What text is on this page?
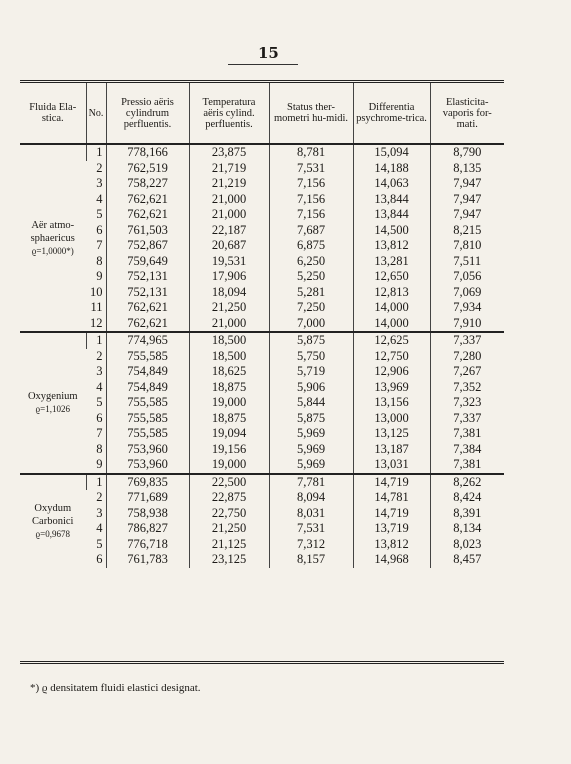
15
Fluida Ela-stica.	No.	Pressio aëris cylindrum perfluentis.	Temperatura aëris cylind. perfluentis.	Status ther-mometri hu-midi.	Differentia psychrome-trica.	Elasticita-vaporis for-mati.

Aër atmo-sphaericus
ϱ=1,0000*)	1	778,166	23,875	8,781	15,094	8,790
	2	762,519	21,719	7,531	14,188	8,135
	3	758,227	21,219	7,156	14,063	7,947
	4	762,621	21,000	7,156	13,844	7,947
	5	762,621	21,000	7,156	13,844	7,947
	6	761,503	22,187	7,687	14,500	8,215
	7	752,867	20,687	6,875	13,812	7,810
	8	759,649	19,531	6,250	13,281	7,511
	9	752,131	17,906	5,250	12,650	7,056
	10	752,131	18,094	5,281	12,813	7,069
	11	762,621	21,250	7,250	14,000	7,934
	12	762,621	21,000	7,000	14,000	7,910

Oxygenium
ϱ=1,1026	1	774,965	18,500	5,875	12,625	7,337
	2	755,585	18,500	5,750	12,750	7,280
	3	754,849	18,625	5,719	12,906	7,267
	4	754,849	18,875	5,906	13,969	7,352
	5	755,585	19,000	5,844	13,156	7,323
	6	755,585	18,875	5,875	13,000	7,337
	7	755,585	19,094	5,969	13,125	7,381
	8	753,960	19,156	5,969	13,187	7,384
	9	753,960	19,000	5,969	13,031	7,381

Oxydum Carbonici
ϱ=0,9678	1	769,835	22,500	7,781	14,719	8,262
	2	771,689	22,875	8,094	14,781	8,424
	3	758,938	22,750	8,031	14,719	8,391
	4	786,827	21,250	7,531	13,719	8,134
	5	776,718	21,125	7,312	13,812	8,023
	6	761,783	23,125	8,157	14,968	8,457
*) ϱ densitatem fluidi elastici designat.
